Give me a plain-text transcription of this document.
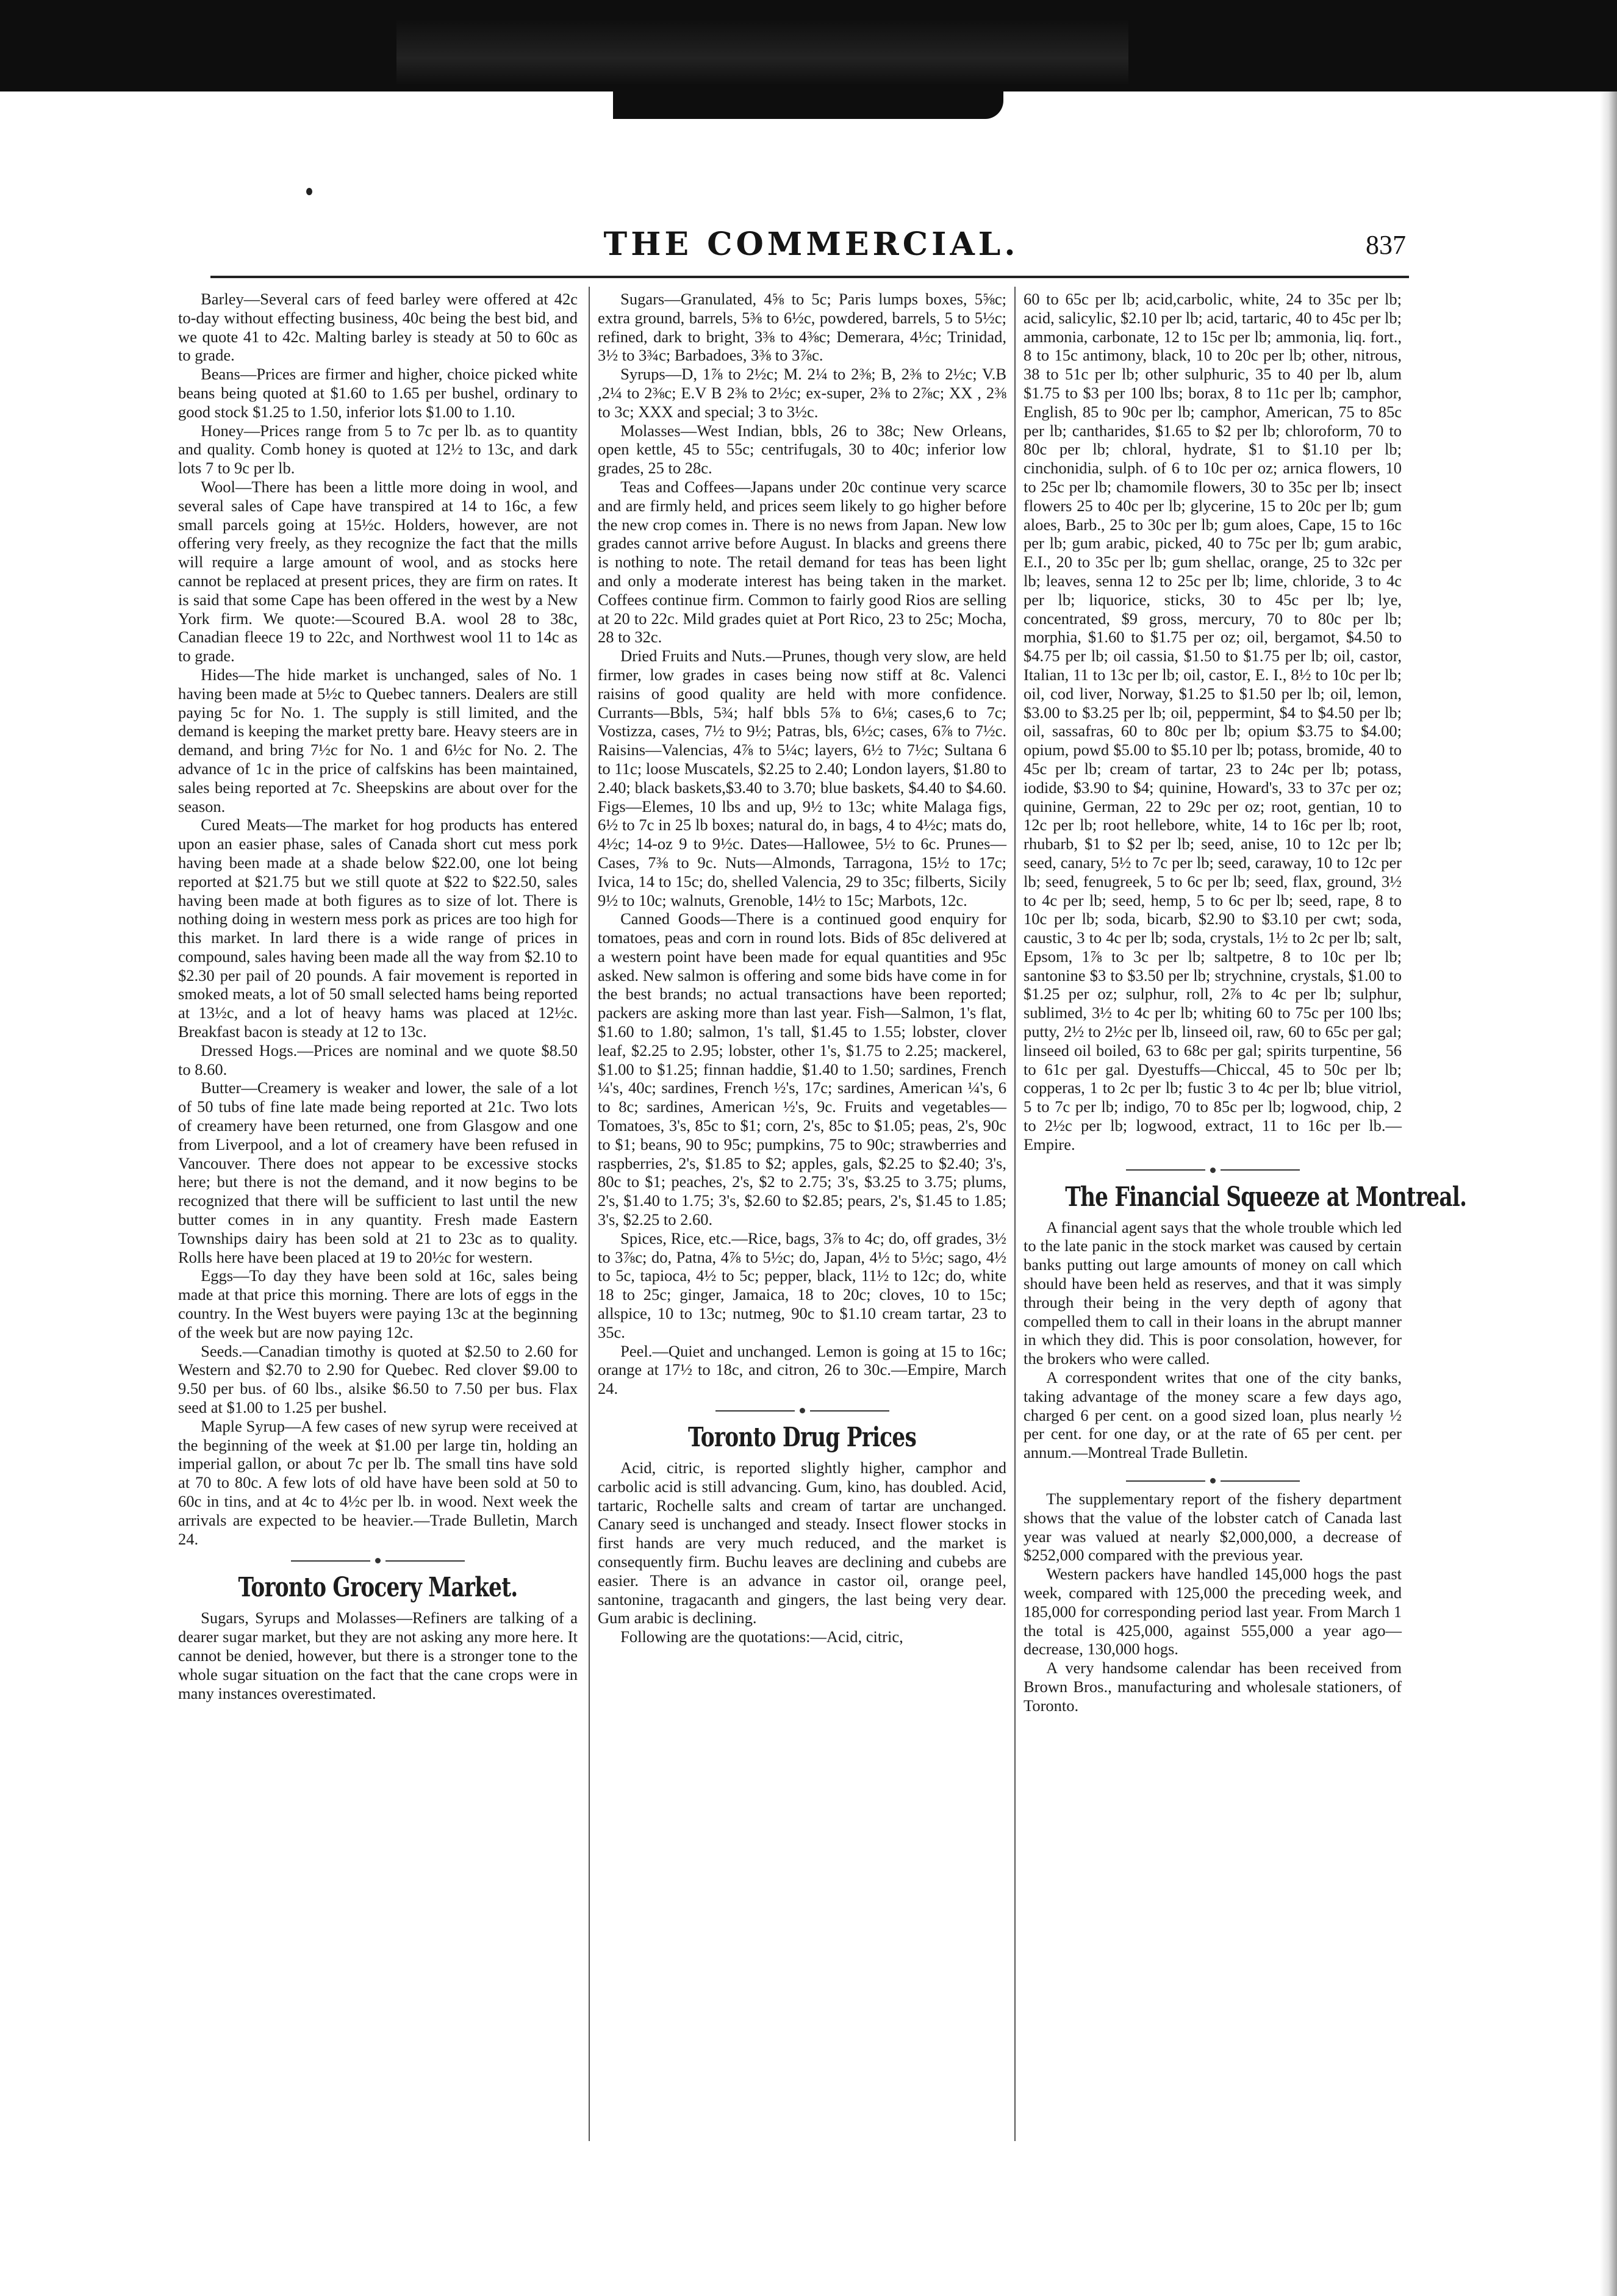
THE COMMERCIAL.	837

Barley—Several cars of feed barley were offered at 42c to-day without effecting business, 40c being the best bid, and we quote 41 to 42c. Malting barley is steady at 50 to 60c as to grade.

Beans—Prices are firmer and higher, choice picked white beans being quoted at $1.60 to 1.65 per bushel, ordinary to good stock $1.25 to 1.50, inferior lots $1.00 to 1.10.

Honey—Prices range from 5 to 7c per lb. as to quantity and quality. Comb honey is quoted at 12½ to 13c, and dark lots 7 to 9c per lb.

Wool—There has been a little more doing in wool, and several sales of Cape have transpired at 14 to 16c, a few small parcels going at 15½c. Holders, however, are not offering very freely, as they recognize the fact that the mills will require a large amount of wool, and as stocks here cannot be replaced at present prices, they are firm on rates. It is said that some Cape has been offered in the west by a New York firm. We quote:—Scoured B.A. wool 28 to 38c, Canadian fleece 19 to 22c, and Northwest wool 11 to 14c as to grade.

Hides—The hide market is unchanged, sales of No. 1 having been made at 5½c to Quebec tanners. Dealers are still paying 5c for No. 1. The supply is still limited, and the demand is keeping the market pretty bare. Heavy steers are in demand, and bring 7½c for No. 1 and 6½c for No. 2. The advance of 1c in the price of calfskins has been maintained, sales being reported at 7c. Sheepskins are about over for the season.

Cured Meats—The market for hog products has entered upon an easier phase, sales of Canada short cut mess pork having been made at a shade below $22.00, one lot being reported at $21.75 but we still quote at $22 to $22.50, sales having been made at both figures as to size of lot. There is nothing doing in western mess pork as prices are too high for this market. In lard there is a wide range of prices in compound, sales having been made all the way from $2.10 to $2.30 per pail of 20 pounds. A fair movement is reported in smoked meats, a lot of 50 small selected hams being reported at 13½c, and a lot of heavy hams was placed at 12½c. Breakfast bacon is steady at 12 to 13c.

Dressed Hogs.—Prices are nominal and we quote $8.50 to 8.60.

Butter—Creamery is weaker and lower, the sale of a lot of 50 tubs of fine late made being reported at 21c. Two lots of creamery have been returned, one from Glasgow and one from Liverpool, and a lot of creamery have been refused in Vancouver. There does not appear to be excessive stocks here; but there is not the demand, and it now begins to be recognized that there will be sufficient to last until the new butter comes in in any quantity. Fresh made Eastern Townships dairy has been sold at 21 to 23c as to quality. Rolls here have been placed at 19 to 20½c for western.

Eggs—To day they have been sold at 16c, sales being made at that price this morning. There are lots of eggs in the country. In the West buyers were paying 13c at the beginning of the week but are now paying 12c.

Seeds.—Canadian timothy is quoted at $2.50 to 2.60 for Western and $2.70 to 2.90 for Quebec. Red clover $9.00 to 9.50 per bus. of 60 lbs., alsike $6.50 to 7.50 per bus. Flax seed at $1.00 to 1.25 per bushel.

Maple Syrup—A few cases of new syrup were received at the beginning of the week at $1.00 per large tin, holding an imperial gallon, or about 7c per lb. The small tins have sold at 70 to 80c. A few lots of old have have been sold at 50 to 60c in tins, and at 4c to 4½c per lb. in wood. Next week the arrivals are expected to be heavier.—Trade Bulletin, March 24.

Toronto Grocery Market.

Sugars, Syrups and Molasses—Refiners are talking of a dearer sugar market, but they are not asking any more here. It cannot be denied, however, but there is a stronger tone to the whole sugar situation on the fact that the cane crops were in many instances overestimated.

Sugars—Granulated, 4⅝ to 5c; Paris lumps boxes, 5⅝c; extra ground, barrels, 5⅜ to 6½c, powdered, barrels, 5 to 5½c; refined, dark to bright, 3⅜ to 4⅜c; Demerara, 4½c; Trinidad, 3½ to 3¾c; Barbadoes, 3⅜ to 3⅞c.

Syrups—D, 1⅞ to 2½c; M. 2¼ to 2⅜; B, 2⅜ to 2½c; V.B ,2¼ to 2⅜c; E.V B 2⅜ to 2½c; ex-super, 2⅜ to 2⅞c; XX , 2⅜ to 3c; XXX and special; 3 to 3½c.

Molasses—West Indian, bbls, 26 to 38c; New Orleans, open kettle, 45 to 55c; centrifugals, 30 to 40c; inferior low grades, 25 to 28c.

Teas and Coffees—Japans under 20c continue very scarce and are firmly held, and prices seem likely to go higher before the new crop comes in. There is no news from Japan. New low grades cannot arrive before August. In blacks and greens there is nothing to note. The retail demand for teas has been light and only a moderate interest has being taken in the market. Coffees continue firm. Common to fairly good Rios are selling at 20 to 22c. Mild grades quiet at Port Rico, 23 to 25c; Mocha, 28 to 32c.

Dried Fruits and Nuts.—Prunes, though very slow, are held firmer, low grades in cases being now stiff at 8c. Valenci raisins of good quality are held with more confidence. Currants—Bbls, 5¾; half bbls 5⅞ to 6⅛; cases,6 to 7c; Vostizza, cases, 7½ to 9½; Patras, bls, 6½c; cases, 6⅞ to 7½c. Raisins—Valencias, 4⅞ to 5¼c; layers, 6½ to 7½c; Sultana 6 to 11c; loose Muscatels, $2.25 to 2.40; London layers, $1.80 to 2.40; black baskets,$3.40 to 3.70; blue baskets, $4.40 to $4.60. Figs—Elemes, 10 lbs and up, 9½ to 13c; white Malaga figs, 6½ to 7c in 25 lb boxes; natural do, in bags, 4 to 4½c; mats do, 4½c; 14-oz 9 to 9½c. Dates—Hallowee, 5½ to 6c. Prunes—Cases, 7⅜ to 9c. Nuts—Almonds, Tarragona, 15½ to 17c; Ivica, 14 to 15c; do, shelled Valencia, 29 to 35c; filberts, Sicily 9½ to 10c; walnuts, Grenoble, 14½ to 15c; Marbots, 12c.

Canned Goods—There is a continued good enquiry for tomatoes, peas and corn in round lots. Bids of 85c delivered at a western point have been made for equal quantities and 95c asked. New salmon is offering and some bids have come in for the best brands; no actual transactions have been reported; packers are asking more than last year. Fish—Salmon, 1's flat, $1.60 to 1.80; salmon, 1's tall, $1.45 to 1.55; lobster, clover leaf, $2.25 to 2.95; lobster, other 1's, $1.75 to 2.25; mackerel, $1.00 to $1.25; finnan haddie, $1.40 to 1.50; sardines, French ¼'s, 40c; sardines, French ½'s, 17c; sardines, American ¼'s, 6 to 8c; sardines, American ½'s, 9c. Fruits and vegetables—Tomatoes, 3's, 85c to $1; corn, 2's, 85c to $1.05; peas, 2's, 90c to $1; beans, 90 to 95c; pumpkins, 75 to 90c; strawberries and raspberries, 2's, $1.85 to $2; apples, gals, $2.25 to $2.40; 3's, 80c to $1; peaches, 2's, $2 to 2.75; 3's, $3.25 to 3.75; plums, 2's, $1.40 to 1.75; 3's, $2.60 to $2.85; pears, 2's, $1.45 to 1.85; 3's, $2.25 to 2.60.

Spices, Rice, etc.—Rice, bags, 3⅞ to 4c; do, off grades, 3½ to 3⅞c; do, Patna, 4⅞ to 5½c; do, Japan, 4½ to 5½c; sago, 4½ to 5c, tapioca, 4½ to 5c; pepper, black, 11½ to 12c; do, white 18 to 25c; ginger, Jamaica, 18 to 20c; cloves, 10 to 15c; allspice, 10 to 13c; nutmeg, 90c to $1.10 cream tartar, 23 to 35c.

Peel.—Quiet and unchanged. Lemon is going at 15 to 16c; orange at 17½ to 18c, and citron, 26 to 30c.—Empire, March 24.

Toronto Drug Prices

Acid, citric, is reported slightly higher, camphor and carbolic acid is still advancing. Gum, kino, has doubled. Acid, tartaric, Rochelle salts and cream of tartar are unchanged. Canary seed is unchanged and steady. Insect flower stocks in first hands are very much reduced, and the market is consequently firm. Buchu leaves are declining and cubebs are easier. There is an advance in castor oil, orange peel, santonine, tragacanth and gingers, the last being very dear. Gum arabic is declining.

Following are the quotations:—Acid, citric,

60 to 65c per lb; acid,carbolic, white, 24 to 35c per lb; acid, salicylic, $2.10 per lb; acid, tartaric, 40 to 45c per lb; ammonia, carbonate, 12 to 15c per lb; ammonia, liq. fort., 8 to 15c antimony, black, 10 to 20c per lb; other, nitrous, 38 to 51c per lb; other sulphuric, 35 to 40 per lb, alum $1.75 to $3 per 100 lbs; borax, 8 to 11c per lb; camphor, English, 85 to 90c per lb; camphor, American, 75 to 85c per lb; cantharides, $1.65 to $2 per lb; chloroform, 70 to 80c per lb; chloral, hydrate, $1 to $1.10 per lb; cinchonidia, sulph. of 6 to 10c per oz; arnica flowers, 10 to 25c per lb; chamomile flowers, 30 to 35c per lb; insect flowers 25 to 40c per lb; glycerine, 15 to 20c per lb; gum aloes, Barb., 25 to 30c per lb; gum aloes, Cape, 15 to 16c per lb; gum arabic, picked, 40 to 75c per lb; gum arabic, E.I., 20 to 35c per lb; gum shellac, orange, 25 to 32c per lb; leaves, senna 12 to 25c per lb; lime, chloride, 3 to 4c per lb; liquorice, sticks, 30 to 45c per lb; lye, concentrated, $9 gross, mercury, 70 to 80c per lb; morphia, $1.60 to $1.75 per oz; oil, bergamot, $4.50 to $4.75 per lb; oil cassia, $1.50 to $1.75 per lb; oil, castor, Italian, 11 to 13c per lb; oil, castor, E. I., 8½ to 10c per lb; oil, cod liver, Norway, $1.25 to $1.50 per lb; oil, lemon, $3.00 to $3.25 per lb; oil, peppermint, $4 to $4.50 per lb; oil, sassafras, 60 to 80c per lb; opium $3.75 to $4.00; opium, powd $5.00 to $5.10 per lb; potass, bromide, 40 to 45c per lb; cream of tartar, 23 to 24c per lb; potass, iodide, $3.90 to $4; quinine, Howard's, 33 to 37c per oz; quinine, German, 22 to 29c per oz; root, gentian, 10 to 12c per lb; root hellebore, white, 14 to 16c per lb; root, rhubarb, $1 to $2 per lb; seed, anise, 10 to 12c per lb; seed, canary, 5½ to 7c per lb; seed, caraway, 10 to 12c per lb; seed, fenugreek, 5 to 6c per lb; seed, flax, ground, 3½ to 4c per lb; seed, hemp, 5 to 6c per lb; seed, rape, 8 to 10c per lb; soda, bicarb, $2.90 to $3.10 per cwt; soda, caustic, 3 to 4c per lb; soda, crystals, 1½ to 2c per lb; salt, Epsom, 1⅞ to 3c per lb; saltpetre, 8 to 10c per lb; santonine $3 to $3.50 per lb; strychnine, crystals, $1.00 to $1.25 per oz; sulphur, roll, 2⅞ to 4c per lb; sulphur, sublimed, 3½ to 4c per lb; whiting 60 to 75c per 100 lbs; putty, 2½ to 2½c per lb, linseed oil, raw, 60 to 65c per gal; linseed oil boiled, 63 to 68c per gal; spirits turpentine, 56 to 61c per gal. Dyestuffs—Chiccal, 45 to 50c per lb; copperas, 1 to 2c per lb; fustic 3 to 4c per lb; blue vitriol, 5 to 7c per lb; indigo, 70 to 85c per lb; logwood, chip, 2 to 2½c per lb; logwood, extract, 11 to 16c per lb.—Empire.

The Financial Squeeze at Montreal.

A financial agent says that the whole trouble which led to the late panic in the stock market was caused by certain banks putting out large amounts of money on call which should have been held as reserves, and that it was simply through their being in the very depth of agony that compelled them to call in their loans in the abrupt manner in which they did. This is poor consolation, however, for the brokers who were called.

A correspondent writes that one of the city banks, taking advantage of the money scare a few days ago, charged 6 per cent. on a good sized loan, plus nearly ½ per cent. for one day, or at the rate of 65 per cent. per annum.—Montreal Trade Bulletin.

The supplementary report of the fishery department shows that the value of the lobster catch of Canada last year was valued at nearly $2,000,000, a decrease of $252,000 compared with the previous year.

Western packers have handled 145,000 hogs the past week, compared with 125,000 the preceding week, and 185,000 for corresponding period last year. From March 1 the total is 425,000, against 555,000 a year ago—decrease, 130,000 hogs.

A very handsome calendar has been received from Brown Bros., manufacturing and wholesale stationers, of Toronto.
